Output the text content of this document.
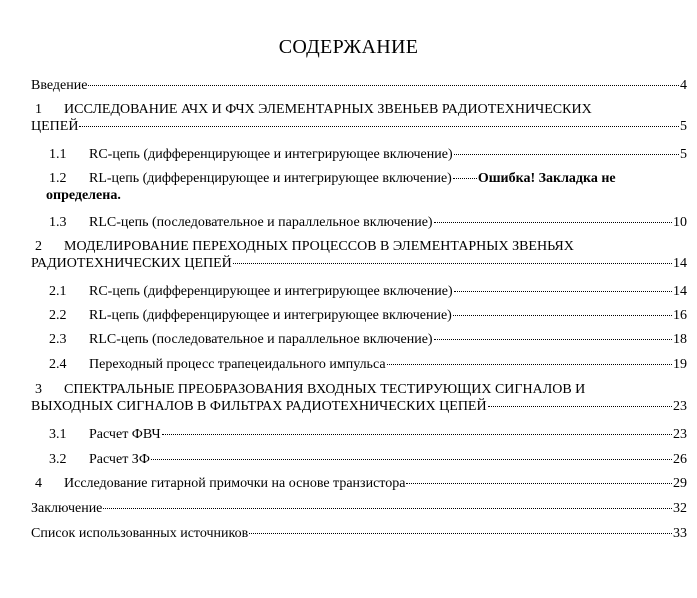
СОДЕРЖАНИЕ
Введение	4
1	ИССЛЕДОВАНИЕ АЧХ И ФЧХ ЭЛЕМЕНТАРНЫХ ЗВЕНЬЕВ РАДИОТЕХНИЧЕСКИХ
ЦЕПЕЙ	5
1.1	RC-цепь (дифференцирующее и интегрирующее включение)	5
1.2	RL-цепь (дифференцирующее и интегрирующее включение) Ошибка! Закладка не
определена.
1.3	RLC-цепь (последовательное и параллельное включение)	10
2	МОДЕЛИРОВАНИЕ ПЕРЕХОДНЫХ ПРОЦЕССОВ В ЭЛЕМЕНТАРНЫХ ЗВЕНЬЯХ
РАДИОТЕХНИЧЕСКИХ ЦЕПЕЙ	14
2.1	RC-цепь (дифференцирующее и интегрирующее включение)	14
2.2	RL-цепь (дифференцирующее и интегрирующее включение)	16
2.3	RLC-цепь (последовательное и параллельное включение)	18
2.4	Переходный процесс трапецеидального импульса	19
3	СПЕКТРАЛЬНЫЕ ПРЕОБРАЗОВАНИЯ ВХОДНЫХ ТЕСТИРУЮЩИХ СИГНАЛОВ И
ВЫХОДНЫХ СИГНАЛОВ В ФИЛЬТРАХ РАДИОТЕХНИЧЕСКИХ ЦЕПЕЙ	23
3.1	Расчет ФВЧ	23
3.2	Расчет ЗФ	26
4	Исследование гитарной примочки на основе транзистора	29
Заключение	32
Список использованных источников	33
